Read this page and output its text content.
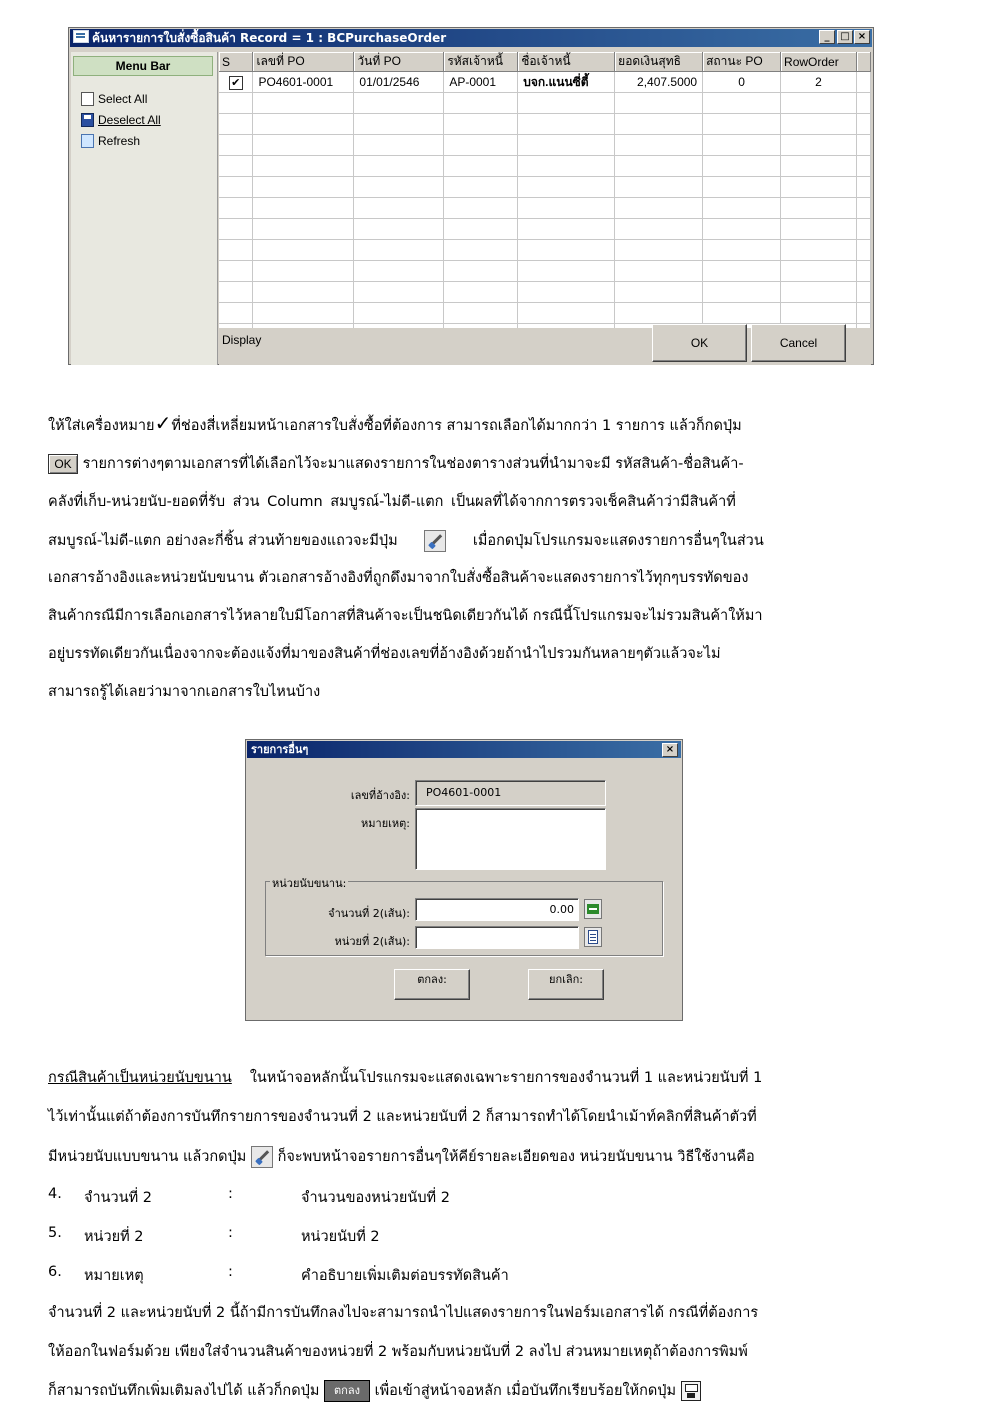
ค้นหารายการใบสั่งซื้อสินค้า Record = 1 : BCPurchaseOrder	_	□ ×
Menu Bar
Select All
Deselect All
Refresh
S	เลขที่ PO	วันที่ PO	รหัสเจ้าหนี้	ชื่อเจ้าหนี้	ยอดเงินสุทธิ	สถานะ PO	RowOrder	
✔	PO4601-0001	01/01/2546	AP-0001	บจก.แนนซี่ตี้	2,407.5000	0	2	

Display	OK	Cancel
ให้ใส่เครื่องหมาย✓ที่ช่องสี่เหลี่ยมหน้าเอกสารใบสั่งซื้อที่ต้องการ สามารถเลือกได้มากกว่า 1 รายการ แล้วก็กดปุ่ม
OK รายการต่างๆตามเอกสารที่ได้เลือกไว้จะมาแสดงรายการในช่องตารางส่วนที่นำมาจะมี รหัสสินค้า-ชื่อสินค้า-
คลังที่เก็บ-หน่วยนับ-ยอดที่รับ ส่วน Column สมบูรณ์-ไม่ดี-แตก เป็นผลที่ได้จากการตรวจเช็คสินค้าว่ามีสินค้าที่
สมบูรณ์-ไม่ดี-แตก อย่างละกี่ชิ้น ส่วนท้ายของแถวจะมีปุ่ม	เมื่อกดปุ่มโปรแกรมจะแสดงรายการอื่นๆในส่วน
เอกสารอ้างอิงและหน่วยนับขนาน ตัวเอกสารอ้างอิงที่ถูกดึงมาจากใบสั่งซื้อสินค้าจะแสดงรายการไว้ทุกๆบรรทัดของ
สินค้ากรณีมีการเลือกเอกสารไว้หลายใบมีโอกาสที่สินค้าจะเป็นชนิดเดียวกันได้ กรณีนี้โปรแกรมจะไม่รวมสินค้าให้มา
อยู่บรรทัดเดียวกันเนื่องจากจะต้องแจ้งที่มาของสินค้าที่ช่องเลขที่อ้างอิงด้วยถ้านำไปรวมกันหลายๆตัวแล้วจะไม่
สามารถรู้ได้เลยว่ามาจากเอกสารใบไหนบ้าง
รายการอื่นๆ	×
เลขที่อ้างอิง:	PO4601-0001
หมายเหตุ:
หน่วยนับขนาน:
จำนวนที่ 2(เส้น):	0.00
หน่วยที่ 2(เส้น):
ตกลง:	ยกเลิก:
กรณีสินค้าเป็นหน่วยนับขนาน ในหน้าจอหลักนั้นโปรแกรมจะแสดงเฉพาะรายการของจำนวนที่ 1 และหน่วยนับที่ 1
ไว้เท่านั้นแต่ถ้าต้องการบันทึกรายการของจำนวนที่ 2 และหน่วยนับที่ 2 ก็สามารถทำได้โดยนำเม้าท์คลิกที่สินค้าตัวที่
มีหน่วยนับแบบขนาน แล้วกดปุ่ม ก็จะพบหน้าจอรายการอื่นๆให้คีย์รายละเอียดของ หน่วยนับขนาน วิธีใช้งานคือ
4. จำนวนที่ 2	:	จำนวนของหน่วยนับที่ 2
5. หน่วยที่ 2	:	หน่วยนับที่ 2
6. หมายเหตุ	:	คำอธิบายเพิ่มเติมต่อบรรทัดสินค้า
จำนวนที่ 2 และหน่วยนับที่ 2 นี้ถ้ามีการบันทึกลงไปจะสามารถนำไปแสดงรายการในฟอร์มเอกสารได้ กรณีที่ต้องการ
ให้ออกในฟอร์มด้วย เพียงใส่จำนวนสินค้าของหน่วยที่ 2 พร้อมกับหน่วยนับที่ 2 ลงไป ส่วนหมายเหตุถ้าต้องการพิมพ์
ก็สามารถบันทึกเพิ่มเติมลงไปได้ แล้วก็กดปุ่ม ตกลง เพื่อเข้าสู่หน้าจอหลัก เมื่อบันทึกเรียบร้อยให้กดปุ่ม
